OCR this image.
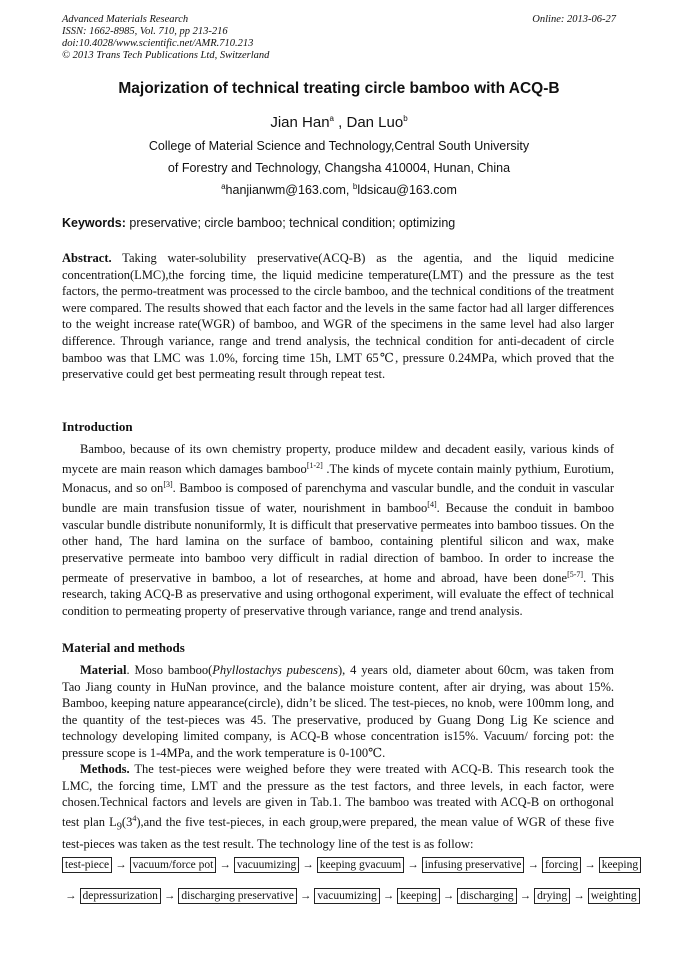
Advanced Materials Research
ISSN: 1662-8985, Vol. 710, pp 213-216
doi:10.4028/www.scientific.net/AMR.710.213
© 2013 Trans Tech Publications Ltd, Switzerland
Online: 2013-06-27
Majorization of technical treating circle bamboo with ACQ-B
Jian Han$^a$ , Dan Luo$^b$
College of Material Science and Technology,Central South University
of Forestry and Technology, Changsha 410004, Hunan, China
$^a$hanjianwm@163.com, $^b$ldsicau@163.com
Keywords: preservative; circle bamboo; technical condition; optimizing
Abstract. Taking water-solubility preservative(ACQ-B) as the agentia, and the liquid medicine concentration(LMC),the forcing time, the liquid medicine temperature(LMT) and the pressure as the test factors, the permo-treatment was processed to the circle bamboo, and the technical conditions of the treatment were compared. The results showed that each factor and the levels in the same factor had all larger differences to the weight increase rate(WGR) of bamboo, and WGR of the specimens in the same level had also larger difference. Through variance, range and trend analysis, the technical condition for anti-decadent of circle bamboo was that LMC was 1.0%, forcing time 15h, LMT 65℃, pressure 0.24MPa, which proved that the preservative could get best permeating result through repeat test.
Introduction
Bamboo, because of its own chemistry property, produce mildew and decadent easily, various kinds of mycete are main reason which damages bamboo[1-2] .The kinds of mycete contain mainly pythium, Eurotium, Monacus, and so on[3]. Bamboo is composed of parenchyma and vascular bundle, and the conduit in vascular bundle are main transfusion tissue of water, nourishment in bamboo[4]. Because the conduit in bamboo vascular bundle distribute nonuniformly, It is difficult that preservative permeates into bamboo tissues. On the other hand, The hard lamina on the surface of bamboo, containing plentiful silicon and wax, make preservative permeate into bamboo very difficult in radial direction of bamboo. In order to increase the permeate of preservative in bamboo, a lot of researches, at home and abroad, have been done[5-7]. This research, taking ACQ-B as preservative and using orthogonal experiment, will evaluate the effect of technical condition to permeating property of preservative through variance, range and trend analysis.
Material and methods
Material. Moso bamboo(Phyllostachys pubescens), 4 years old, diameter about 60cm, was taken from Tao Jiang county in HuNan province, and the balance moisture content, after air drying, was about 15%. Bamboo, keeping nature appearance(circle), didn’t be sliced. The test-pieces, no knob, were 100mm long, and the quantity of the test-pieces was 45. The preservative, produced by Guang Dong Lig Ke science and technology developing limited company, is ACQ-B whose concentration is15%. Vacuum/ forcing pot: the pressure scope is 1-4MPa, and the work temperature is 0-100℃.
Methods. The test-pieces were weighed before they were treated with ACQ-B. This research took the LMC, the forcing time, LMT and the pressure as the test factors, and three levels, in each factor, were chosen.Technical factors and levels are given in Tab.1. The bamboo was treated with ACQ-B on orthogonal test plan $L_9(3^4),and$ the five test-pieces, in each group,were prepared, the mean value of WGR of these five test-pieces was taken as the test result. The technology line of the test is as follow:
test-piece → vacuum/force pot → vacuumizing → keeping gvacuum → infusing preservative → forcing → keeping
→ depressurization → discharging preservative → vacuumizing → keeping → discharging → drying → weighting
